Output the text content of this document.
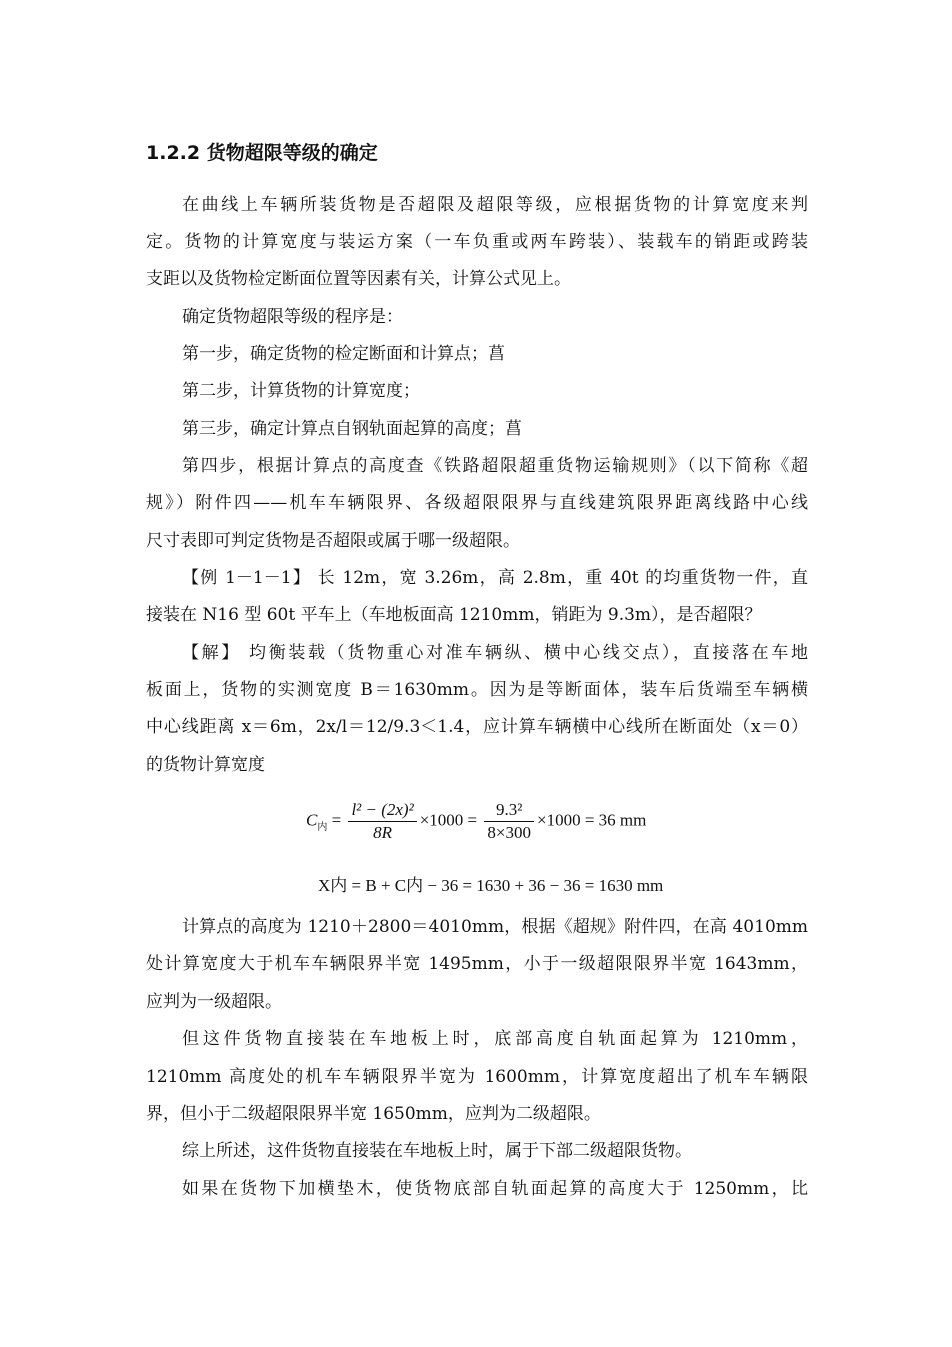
1.2.2 货物超限等级的确定
在曲线上车辆所装货物是否超限及超限等级，应根据货物的计算宽度来判
定。货物的计算宽度与装运方案（一车负重或两车跨装）、装载车的销距或跨装
支距以及货物检定断面位置等因素有关，计算公式见上。
确定货物超限等级的程序是：
第一步，确定货物的检定断面和计算点；菖
第二步，计算货物的计算宽度；
第三步，确定计算点自钢轨面起算的高度；菖
第四步，根据计算点的高度查《铁路超限超重货物运输规则》（以下简称《超
规》）附件四——机车车辆限界、各级超限限界与直线建筑限界距离线路中心线
尺寸表即可判定货物是否超限或属于哪一级超限。
【例 1－1－1】 长 12m，宽 3.26m，高 2.8m，重 40t 的均重货物一件，直
接装在 N16 型 60t 平车上（车地板面高 1210mm，销距为 9.3m），是否超限？
【解】 均衡装载（货物重心对准车辆纵、横中心线交点），直接落在车地
板面上，货物的实测宽度 B＝1630mm。因为是等断面体，装车后货端至车辆横
中心线距离 x＝6m，2x/l＝12/9.3＜1.4，应计算车辆横中心线所在断面处（x＝0）
的货物计算宽度
$C_内 = \frac{\text{l² − (2x)²}}{8R} \times 1000 = \frac{\text{9.3²}}{8\times 300} \times 1000 = 36$ mm
X内 = B + C内 − 36 = 1630 + 36 − 36 = 1630 mm
计算点的高度为 1210＋2800＝4010mm，根据《超规》附件四，在高 4010mm
处计算宽度大于机车车辆限界半宽 1495mm，小于一级超限限界半宽 1643mm，
应判为一级超限。
但这件货物直接装在车地板上时，底部高度自轨面起算为 1210mm，
1210mm 高度处的机车车辆限界半宽为 1600mm，计算宽度超出了机车车辆限
界，但小于二级超限限界半宽 1650mm，应判为二级超限。
综上所述，这件货物直接装在车地板上时，属于下部二级超限货物。
如果在货物下加横垫木，使货物底部自轨面起算的高度大于 1250mm，比
